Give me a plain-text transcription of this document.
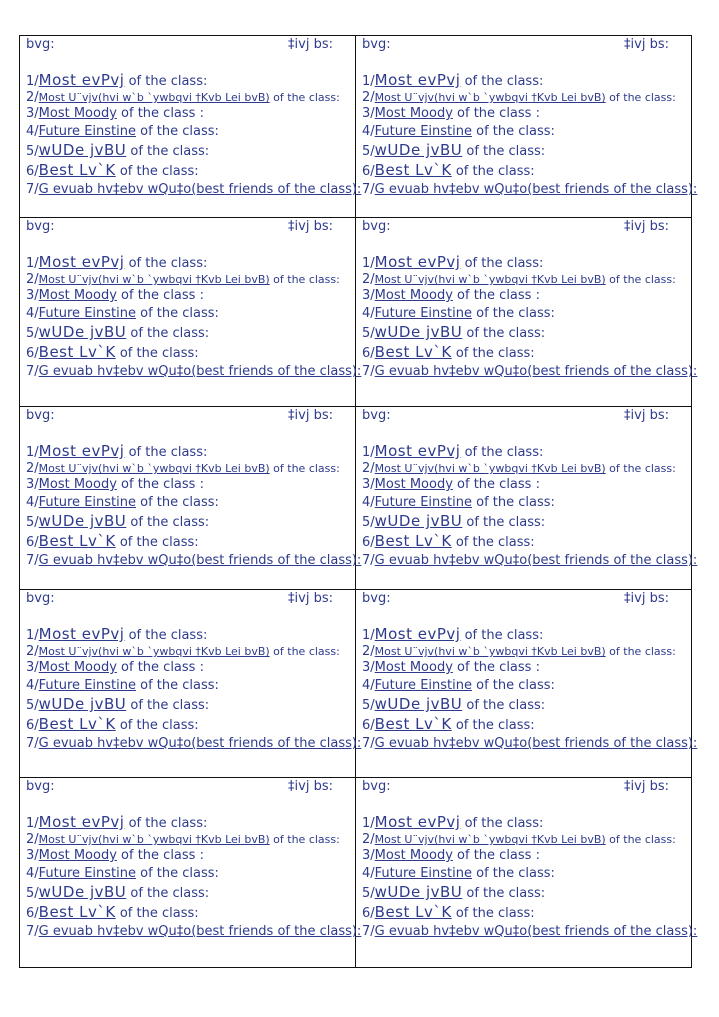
bvg:	‡ivj bs:
1/Most evPvj of the class:
2/Most U¨vjv(hvi w`b `ywbqvi †Kvb Lei bvB) of the class:
3/Most Moody of the class :
4/Future Einstine of the class:
5/wUDe jvBU of the class:
6/Best Lv`K of the class:
7/G evuab hv‡ebv wQu‡o(best friends of the class):
bvg:	‡ivj bs:
1/Most evPvj of the class:
2/Most U¨vjv(hvi w`b `ywbqvi †Kvb Lei bvB) of the class:
3/Most Moody of the class :
4/Future Einstine of the class:
5/wUDe jvBU of the class:
6/Best Lv`K of the class:
7/G evuab hv‡ebv wQu‡o(best friends of the class):
bvg:	‡ivj bs:
1/Most evPvj of the class:
2/Most U¨vjv(hvi w`b `ywbqvi †Kvb Lei bvB) of the class:
3/Most Moody of the class :
4/Future Einstine of the class:
5/wUDe jvBU of the class:
6/Best Lv`K of the class:
7/G evuab hv‡ebv wQu‡o(best friends of the class):
bvg:	‡ivj bs:
1/Most evPvj of the class:
2/Most U¨vjv(hvi w`b `ywbqvi †Kvb Lei bvB) of the class:
3/Most Moody of the class :
4/Future Einstine of the class:
5/wUDe jvBU of the class:
6/Best Lv`K of the class:
7/G evuab hv‡ebv wQu‡o(best friends of the class):
bvg:	‡ivj bs:
1/Most evPvj of the class:
2/Most U¨vjv(hvi w`b `ywbqvi †Kvb Lei bvB) of the class:
3/Most Moody of the class :
4/Future Einstine of the class:
5/wUDe jvBU of the class:
6/Best Lv`K of the class:
7/G evuab hv‡ebv wQu‡o(best friends of the class):
bvg:	‡ivj bs:
1/Most evPvj of the class:
2/Most U¨vjv(hvi w`b `ywbqvi †Kvb Lei bvB) of the class:
3/Most Moody of the class :
4/Future Einstine of the class:
5/wUDe jvBU of the class:
6/Best Lv`K of the class:
7/G evuab hv‡ebv wQu‡o(best friends of the class):
bvg:	‡ivj bs:
1/Most evPvj of the class:
2/Most U¨vjv(hvi w`b `ywbqvi †Kvb Lei bvB) of the class:
3/Most Moody of the class :
4/Future Einstine of the class:
5/wUDe jvBU of the class:
6/Best Lv`K of the class:
7/G evuab hv‡ebv wQu‡o(best friends of the class):
bvg:	‡ivj bs:
1/Most evPvj of the class:
2/Most U¨vjv(hvi w`b `ywbqvi †Kvb Lei bvB) of the class:
3/Most Moody of the class :
4/Future Einstine of the class:
5/wUDe jvBU of the class:
6/Best Lv`K of the class:
7/G evuab hv‡ebv wQu‡o(best friends of the class):
bvg:	‡ivj bs:
1/Most evPvj of the class:
2/Most U¨vjv(hvi w`b `ywbqvi †Kvb Lei bvB) of the class:
3/Most Moody of the class :
4/Future Einstine of the class:
5/wUDe jvBU of the class:
6/Best Lv`K of the class:
7/G evuab hv‡ebv wQu‡o(best friends of the class):
bvg:	‡ivj bs:
1/Most evPvj of the class:
2/Most U¨vjv(hvi w`b `ywbqvi †Kvb Lei bvB) of the class:
3/Most Moody of the class :
4/Future Einstine of the class:
5/wUDe jvBU of the class:
6/Best Lv`K of the class:
7/G evuab hv‡ebv wQu‡o(best friends of the class):
